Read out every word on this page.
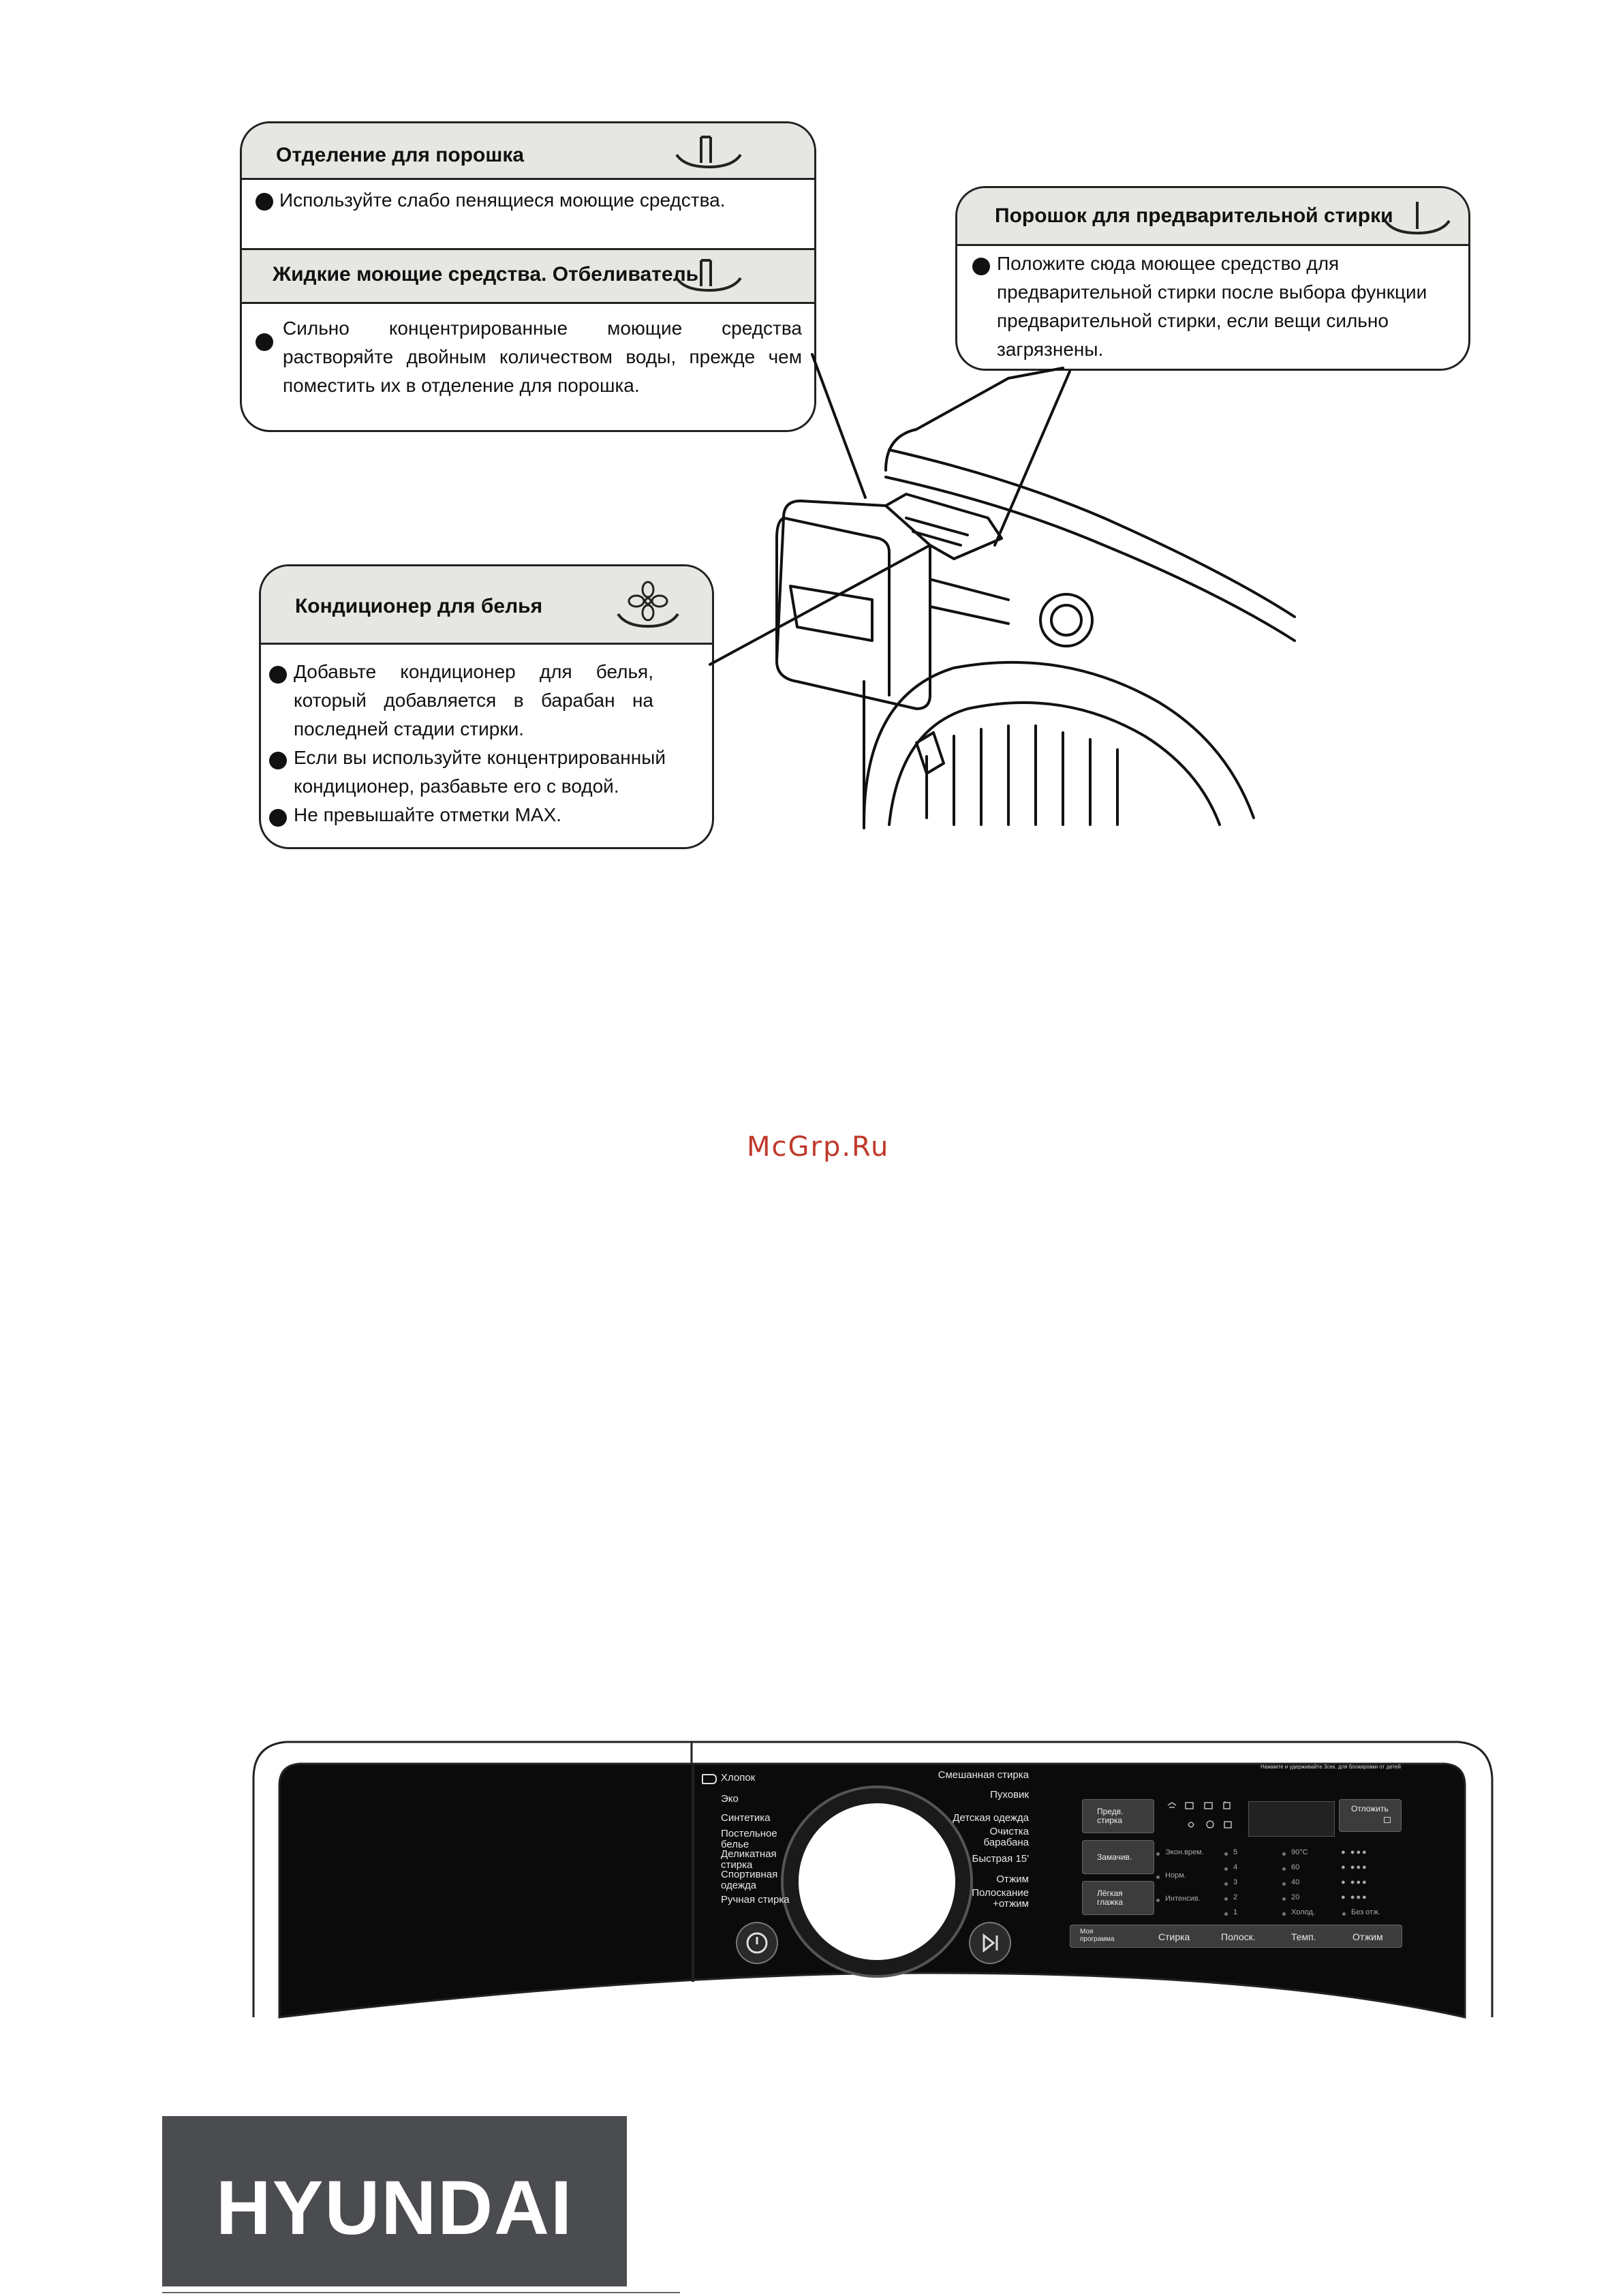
Отделение для порошка
Используйте слабо пенящиеся моющие средства.
Жидкие моющие средства. Отбеливатель
Сильно концентрированные моющие средства растворяйте двойным количеством воды, прежде чем поместить их в отделение для порошка.
Порошок для предварительной стирки
Положите сюда моющее средство для предварительной стирки после выбора функции предварительной стирки, если вещи сильно загрязнены.
Кондиционер для белья
Добавьте кондиционер для белья, который добавляется в барабан на последней стадии стирки.
Если вы используйте концентрированный кондиционер, разбавьте его с водой.
Не превышайте отметки MAX.
McGrp.Ru
Хлопок
Эко
Синтетика
Постельное белье
Деликатная стирка
Спортивная одежда
Ручная стирка
Смешанная стирка
Пуховик
Детская одежда
Очистка барабана
Быстрая 15'
Отжим
Полоскание +отжим
Нажмите и удерживайте 3сек. для блокировки от детей
Предв. стирка
Замачив.
Лёгкая глажка
Отложить
Экон.врем.
Норм.
Интенсив.
5
4
3
2
1
90°C
60
40
20
Холод.
● ●●●
● ●●●
● ●●●
● ●●●
Без отж.
Моя программа	Стирка	Полоск.	Темп.	Отжим
HYUNDAI
